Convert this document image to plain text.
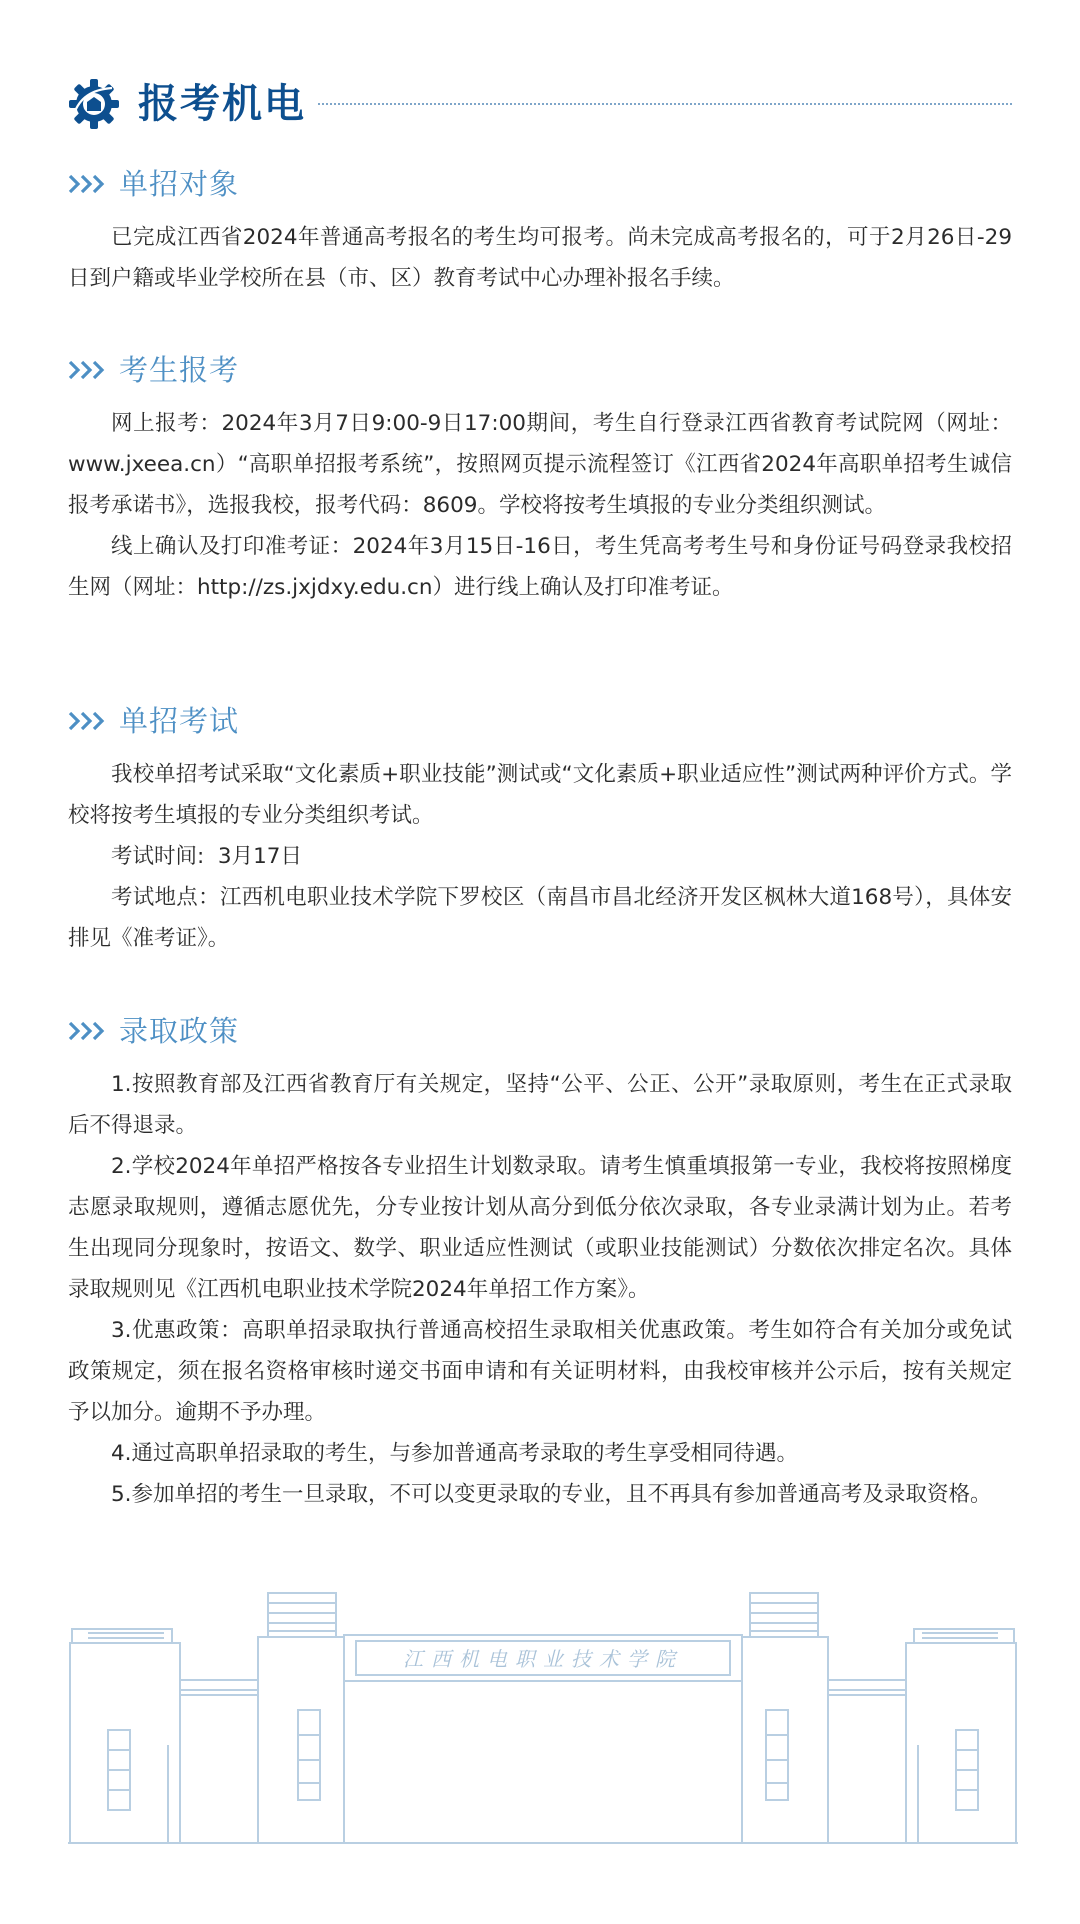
报考机电
单招对象

已完成江西省2024年普通高考报名的考生均可报考。尚未完成高考报名的，可于2月26日-29日到户籍或毕业学校所在县（市、区）教育考试中心办理补报名手续。

考生报考

网上报考：2024年3月7日9:00-9日17:00期间，考生自行登录江西省教育考试院网（网址：www.jxeea.cn）“高职单招报考系统”，按照网页提示流程签订《江西省2024年高职单招考生诚信报考承诺书》，选报我校，报考代码：8609。学校将按考生填报的专业分类组织测试。

线上确认及打印准考证：2024年3月15日-16日，考生凭高考考生号和身份证号码登录我校招生网（网址：http://zs.jxjdxy.edu.cn）进行线上确认及打印准考证。

单招考试

我校单招考试采取“文化素质+职业技能”测试或“文化素质+职业适应性”测试两种评价方式。学校将按考生填报的专业分类组织考试。

考试时间:  3月17日

考试地点：江西机电职业技术学院下罗校区（南昌市昌北经济开发区枫林大道168号），具体安排见《准考证》。

录取政策

1.按照教育部及江西省教育厅有关规定，坚持“公平、公正、公开”录取原则，考生在正式录取后不得退录。

2.学校2024年单招严格按各专业招生计划数录取。请考生慎重填报第一专业，我校将按照梯度志愿录取规则，遵循志愿优先，分专业按计划从高分到低分依次录取，各专业录满计划为止。若考生出现同分现象时，按语文、数学、职业适应性测试（或职业技能测试）分数依次排定名次。具体录取规则见《江西机电职业技术学院2024年单招工作方案》。

3.优惠政策：高职单招录取执行普通高校招生录取相关优惠政策。考生如符合有关加分或免试政策规定，须在报名资格审核时递交书面申请和有关证明材料，由我校审核并公示后，按有关规定予以加分。逾期不予办理。

4.通过高职单招录取的考生，与参加普通高考录取的考生享受相同待遇。

5.参加单招的考生一旦录取，不可以变更录取的专业，且不再具有参加普通高考及录取资格。

江西机电职业技术学院
